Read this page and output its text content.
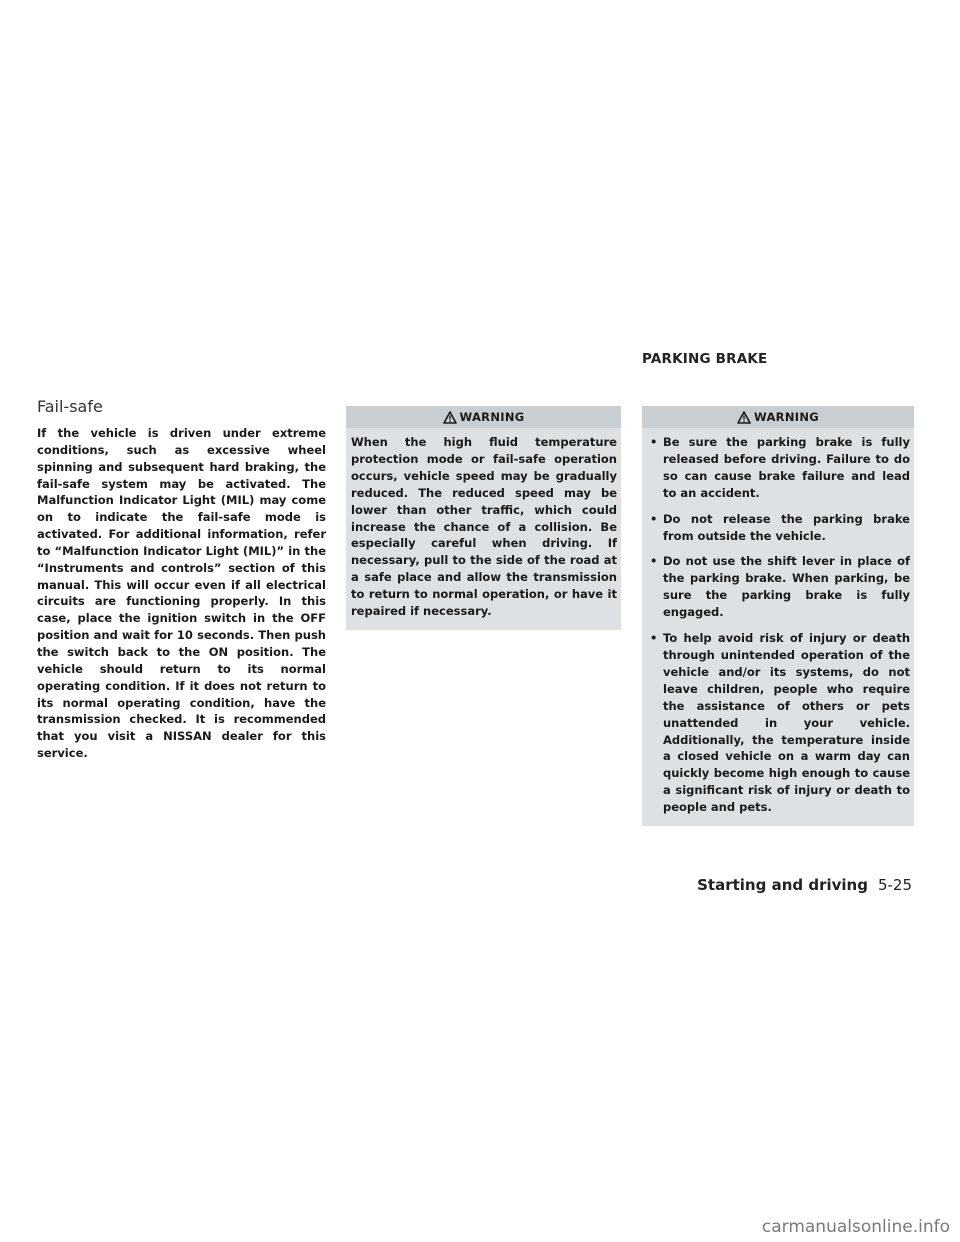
PARKING BRAKE
Fail-safe

If the vehicle is driven under extreme conditions, such as excessive wheel spinning and subsequent hard braking, the fail-safe system may be activated. The Malfunction Indicator Light (MIL) may come on to indicate the fail-safe mode is activated. For additional information, refer to “Malfunction Indicator Light (MIL)” in the “Instruments and controls” section of this manual. This will occur even if all electrical circuits are functioning properly. In this case, place the ignition switch in the OFF position and wait for 10 seconds. Then push the switch back to the ON position. The vehicle should return to its normal operating condition. If it does not return to its normal operating condition, have the transmission checked. It is recommended that you visit a NISSAN dealer for this service.

WARNING

When the high fluid temperature protection mode or fail-safe operation occurs, vehicle speed may be gradually reduced. The reduced speed may be lower than other traffic, which could increase the chance of a collision. Be especially careful when driving. If necessary, pull to the side of the road at a safe place and allow the transmission to return to normal operation, or have it repaired if necessary.

WARNING
• Be sure the parking brake is fully released before driving. Failure to do so can cause brake failure and lead to an accident.
• Do not release the parking brake from outside the vehicle.
• Do not use the shift lever in place of the parking brake. When parking, be sure the parking brake is fully engaged.
• To help avoid risk of injury or death through unintended operation of the vehicle and/or its systems, do not leave children, people who require the assistance of others or pets unattended in your vehicle. Additionally, the temperature inside a closed vehicle on a warm day can quickly become high enough to cause a significant risk of injury or death to people and pets.
Starting and driving 5-25
carmanualsonline.info
